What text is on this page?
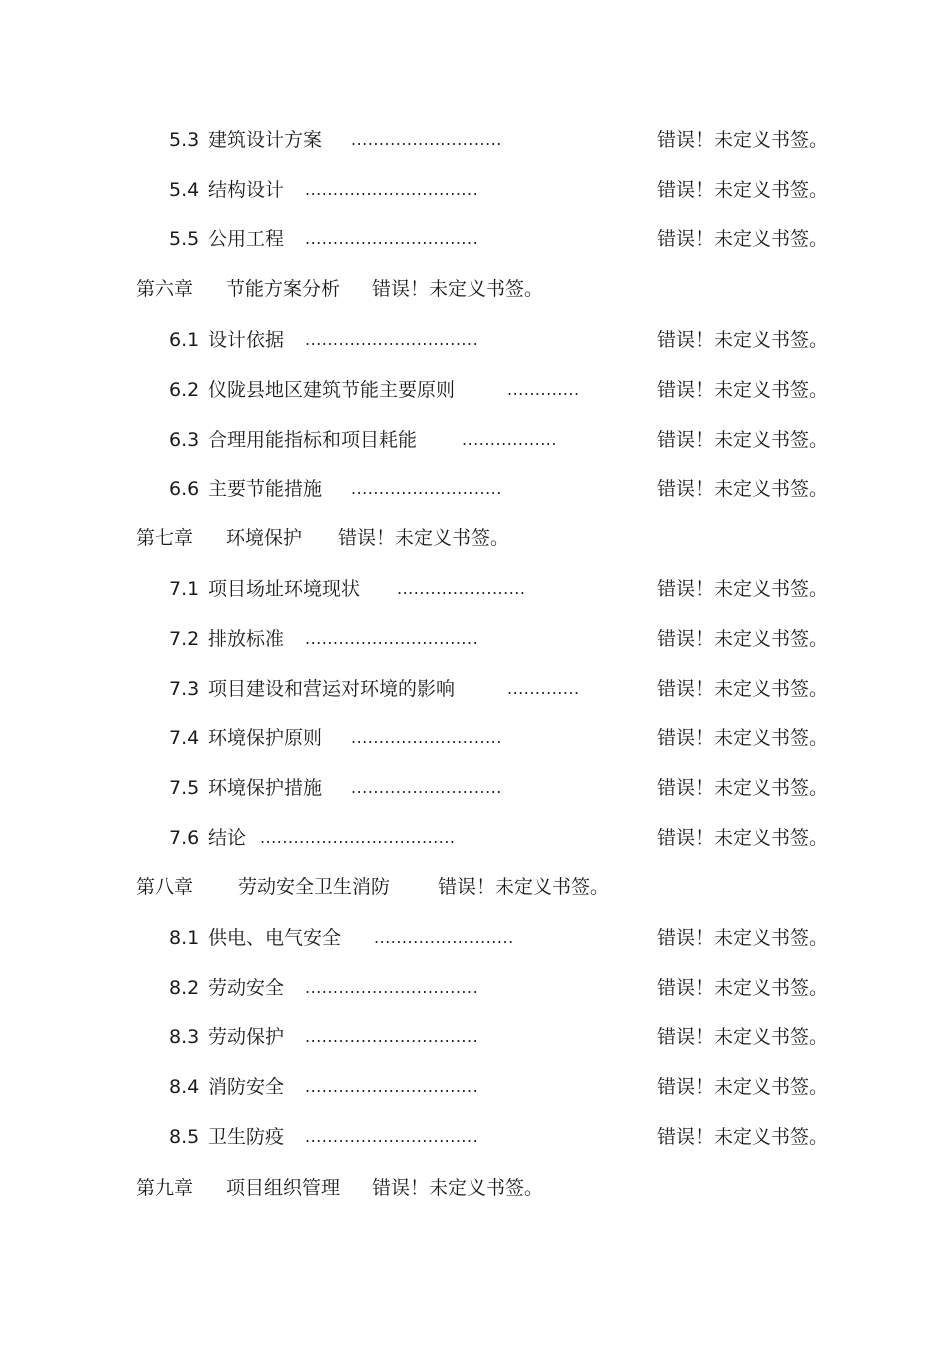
5.3 建筑设计方案 ...........................	错误！未定义书签。
5.4 结构设计 ...............................	错误！未定义书签。
5.5 公用工程 ...............................	错误！未定义书签。
第六章 节能方案分析 错误！未定义书签。
6.1 设计依据 ...............................	错误！未定义书签。
6.2 仪陇县地区建筑节能主要原则	.............	错误！未定义书签。
6.3 合理用能指标和项目耗能	.................	错误！未定义书签。
6.6 主要节能措施 ...........................	错误！未定义书签。
第七章 环境保护 错误！未定义书签。
7.1 项目场址环境现状 .......................	错误！未定义书签。
7.2 排放标准 ...............................	错误！未定义书签。
7.3 项目建设和营运对环境的影响	.............	错误！未定义书签。
7.4 环境保护原则 ...........................	错误！未定义书签。
7.5 环境保护措施 ...........................	错误！未定义书签。
7.6 结论 ...................................	错误！未定义书签。
第八章 劳动安全卫生消防	错误！未定义书签。
8.1 供电、电气安全 .........................	错误！未定义书签。
8.2 劳动安全 ...............................	错误！未定义书签。
8.3 劳动保护 ...............................	错误！未定义书签。
8.4 消防安全 ...............................	错误！未定义书签。
8.5 卫生防疫 ...............................	错误！未定义书签。
第九章 项目组织管理 错误！未定义书签。
